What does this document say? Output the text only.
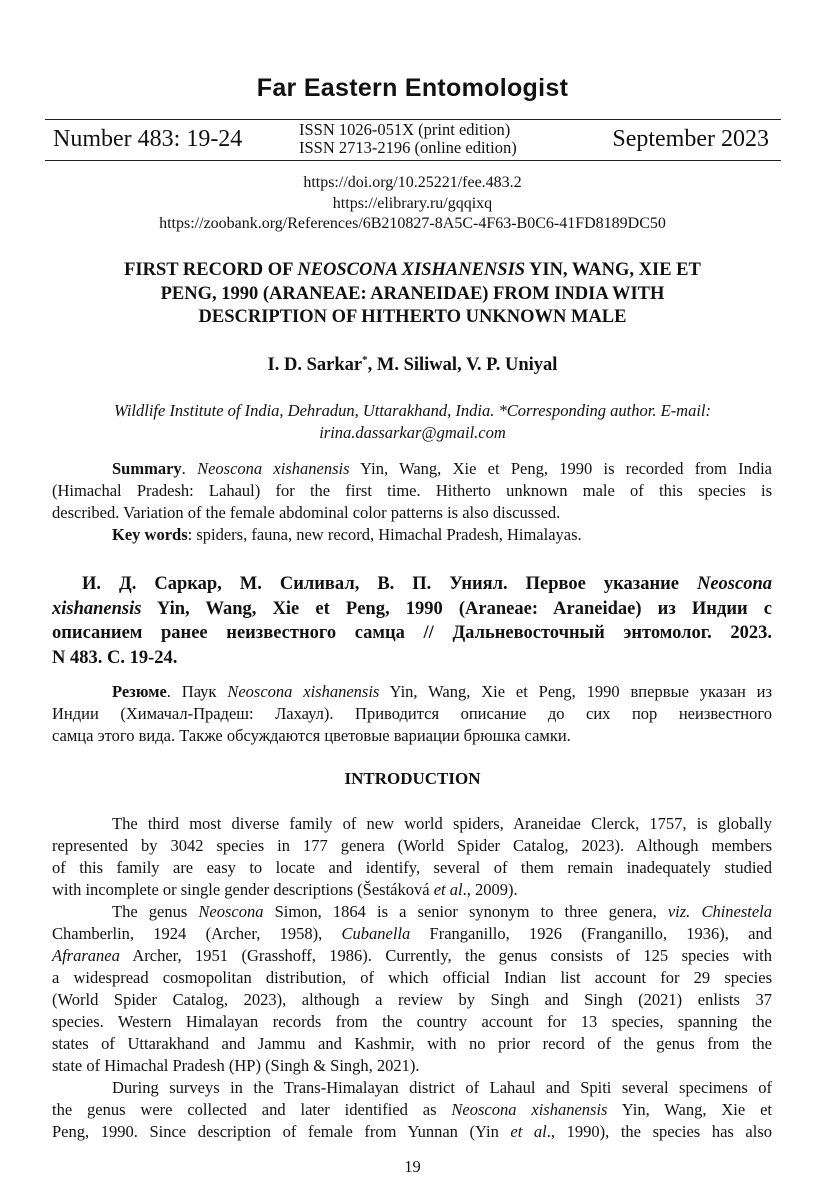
Far Eastern Entomologist
Number 483: 19-24	ISSN 1026-051X (print edition)
ISSN 2713-2196 (online edition)	September 2023
https://doi.org/10.25221/fee.483.2
https://elibrary.ru/gqqixq
https://zoobank.org/References/6B210827-8A5C-4F63-B0C6-41FD8189DC50
FIRST RECORD OF NEOSCONA XISHANENSIS YIN, WANG, XIE ET
PENG, 1990 (ARANEAE: ARANEIDAE) FROM INDIA WITH
DESCRIPTION OF HITHERTO UNKNOWN MALE
I. D. Sarkar*, M. Siliwal, V. P. Uniyal
Wildlife Institute of India, Dehradun, Uttarakhand, India. *Corresponding author. E-mail:
irina.dassarkar@gmail.com
Summary. Neoscona xishanensis Yin, Wang, Xie et Peng, 1990 is recorded from India
(Himachal Pradesh: Lahaul) for the first time. Hitherto unknown male of this species is
described. Variation of the female abdominal color patterns is also discussed.
Key words: spiders, fauna, new record, Himachal Pradesh, Himalayas.
И. Д. Саркар, М. Силивал, В. П. Униял. Первое указание Neoscona
xishanensis Yin, Wang, Xie et Peng, 1990 (Araneae: Araneidae) из Индии с
описанием ранее неизвестного самца // Дальневосточный энтомолог. 2023.
N 483. С. 19-24.
Резюме. Паук Neoscona xishanensis Yin, Wang, Xie et Peng, 1990 впервые указан из
Индии (Химачал-Прадеш: Лахаул). Приводится описание до сих пор неизвестного
самца этого вида. Также обсуждаются цветовые вариации брюшка самки.
INTRODUCTION
The third most diverse family of new world spiders, Araneidae Clerck, 1757, is globally
represented by 3042 species in 177 genera (World Spider Catalog, 2023). Although members
of this family are easy to locate and identify, several of them remain inadequately studied
with incomplete or single gender descriptions (Šestáková et al., 2009).
The genus Neoscona Simon, 1864 is a senior synonym to three genera, viz. Chinestela
Chamberlin, 1924 (Archer, 1958), Cubanella Franganillo, 1926 (Franganillo, 1936), and
Afraranea Archer, 1951 (Grasshoff, 1986). Currently, the genus consists of 125 species with
a widespread cosmopolitan distribution, of which official Indian list account for 29 species
(World Spider Catalog, 2023), although a review by Singh and Singh (2021) enlists 37
species. Western Himalayan records from the country account for 13 species, spanning the
states of Uttarakhand and Jammu and Kashmir, with no prior record of the genus from the
state of Himachal Pradesh (HP) (Singh & Singh, 2021).
During surveys in the Trans-Himalayan district of Lahaul and Spiti several specimens of
the genus were collected and later identified as Neoscona xishanensis Yin, Wang, Xie et
Peng, 1990. Since description of female from Yunnan (Yin et al., 1990), the species has also
19
